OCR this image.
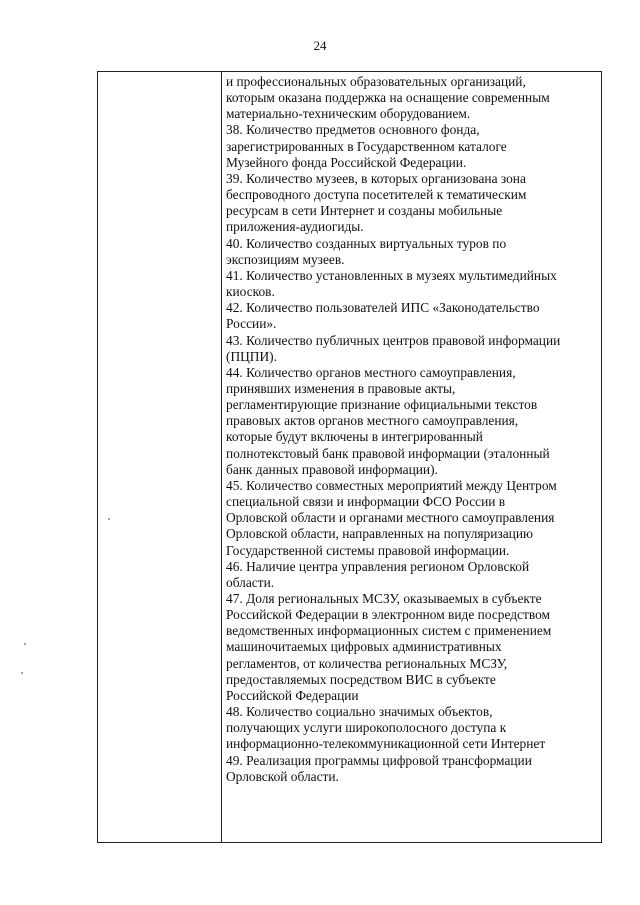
24
и профессиональных образовательных организаций,
которым оказана поддержка на оснащение современным
материально-техническим оборудованием.
38. Количество предметов основного фонда,
зарегистрированных в Государственном каталоге
Музейного фонда Российской Федерации.
39. Количество музеев, в которых организована зона
беспроводного доступа посетителей к тематическим
ресурсам в сети Интернет и созданы мобильные
приложения-аудиогиды.
40. Количество созданных виртуальных туров по
экспозициям музеев.
41. Количество установленных в музеях мультимедийных
киосков.
42. Количество пользователей ИПС «Законодательство
России».
43. Количество публичных центров правовой информации
(ПЦПИ).
44. Количество органов местного самоуправления,
принявших изменения в правовые акты,
регламентирующие признание официальными текстов
правовых актов органов местного самоуправления,
которые будут включены в интегрированный
полнотекстовый банк правовой информации (эталонный
банк данных правовой информации).
45. Количество совместных мероприятий между Центром
специальной связи и информации ФСО России в
Орловской области и органами местного самоуправления
Орловской области, направленных на популяризацию
Государственной системы правовой информации.
46. Наличие центра управления регионом Орловской
области.
47. Доля региональных МСЗУ, оказываемых в субъекте
Российской Федерации в электронном виде посредством
ведомственных информационных систем с применением
машиночитаемых цифровых административных
регламентов, от количества региональных МСЗУ,
предоставляемых посредством ВИС в субъекте
Российской Федерации
48. Количество социально значимых объектов,
получающих услуги широкополосного доступа к
информационно-телекоммуникационной сети Интернет
49. Реализация программы цифровой трансформации
Орловской области.
